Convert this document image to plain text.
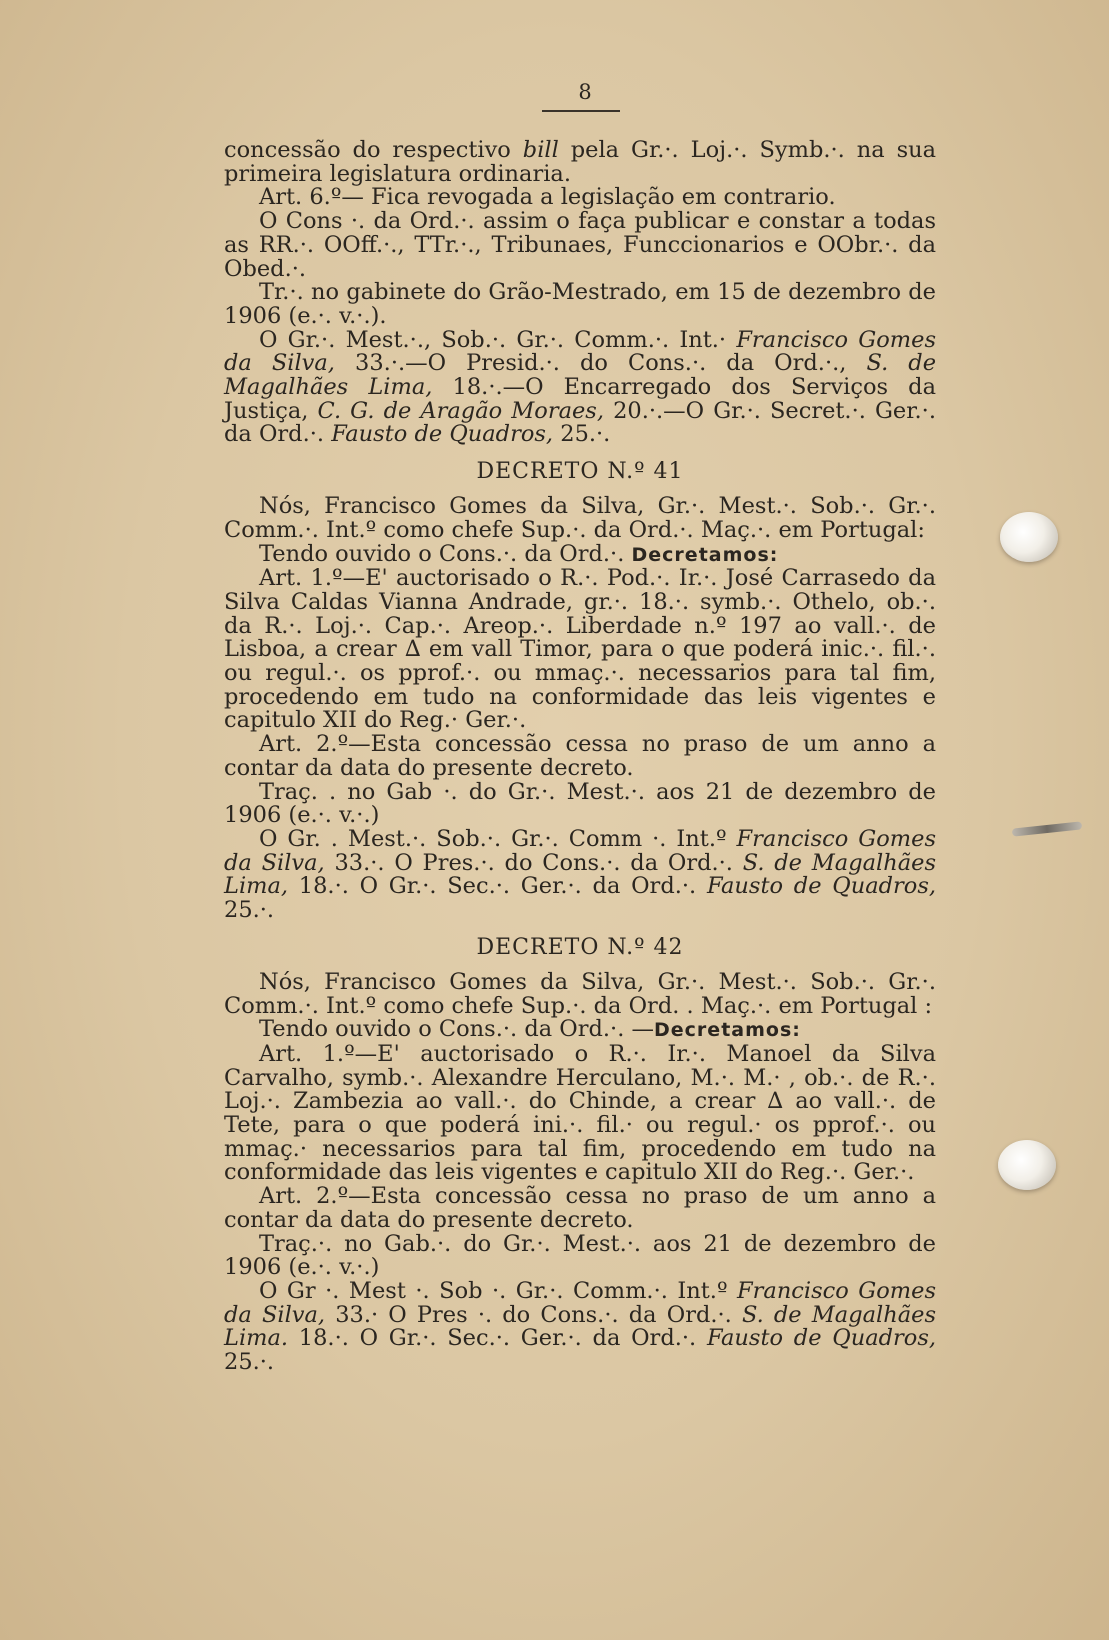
8

concessão do respectivo bill pela Gr.·. Loj.·. Symb.·. na sua primeira legislatura ordinaria.

Art. 6.º— Fica revogada a legislação em contrario.

O Cons ·. da Ord.·. assim o faça publicar e constar a todas as RR.·. OOff.·., TTr.·., Tribunaes, Funccionarios e OObr.·. da Obed.·.

Tr.·. no gabinete do Grão-Mestrado, em 15 de dezembro de 1906 (e.·. v.·.).

O Gr.·. Mest.·., Sob.·. Gr.·. Comm.·. Int.· Francisco Gomes da Silva, 33.·.—O Presid.·. do Cons.·. da Ord.·., S. de Magalhães Lima, 18.·.—O Encarregado dos Serviços da Justiça, C. G. de Aragão Moraes, 20.·.—O Gr.·. Secret.·. Ger.·. da Ord.·. Fausto de Quadros, 25.·.

DECRETO N.º 41

Nós, Francisco Gomes da Silva, Gr.·. Mest.·. Sob.·. Gr.·. Comm.·. Int.º como chefe Sup.·. da Ord.·. Maç.·. em Portugal:

Tendo ouvido o Cons.·. da Ord.·. Decretamos:

Art. 1.º—E' auctorisado o R.·. Pod.·. Ir.·. José Carrasedo da Silva Caldas Vianna Andrade, gr.·. 18.·. symb.·. Othelo, ob.·. da R.·. Loj.·. Cap.·. Areop.·. Liberdade n.º 197 ao vall.·. de Lisboa, a crear ∆ em vall Timor, para o que poderá inic.·. fil.·. ou regul.·. os pprof.·. ou mmaç.·. necessarios para tal fim, procedendo em tudo na conformidade das leis vigentes e capitulo XII do Reg.· Ger.·.

Art. 2.º—Esta concessão cessa no praso de um anno a contar da data do presente decreto.

Traç. . no Gab ·. do Gr.·. Mest.·. aos 21 de dezembro de 1906 (e.·. v.·.)

O Gr. . Mest.·. Sob.·. Gr.·. Comm ·. Int.º Francisco Gomes da Silva, 33.·. O Pres.·. do Cons.·. da Ord.·. S. de Magalhães Lima, 18.·. O Gr.·. Sec.·. Ger.·. da Ord.·. Fausto de Quadros, 25.·.

DECRETO N.º 42

Nós, Francisco Gomes da Silva, Gr.·. Mest.·. Sob.·. Gr.·. Comm.·. Int.º como chefe Sup.·. da Ord. . Maç.·. em Portugal :

Tendo ouvido o Cons.·. da Ord.·. —Decretamos:

Art. 1.º—E' auctorisado o R.·. Ir.·. Manoel da Silva Carvalho, symb.·. Alexandre Herculano, M.·. M.· , ob.·. de R.·. Loj.·. Zambezia ao vall.·. do Chinde, a crear ∆ ao vall.·. de Tete, para o que poderá ini.·. fil.· ou regul.· os pprof.·. ou mmaç.· necessarios para tal fim, procedendo em tudo na conformidade das leis vigentes e capitulo XII do Reg.·. Ger.·.

Art. 2.º—Esta concessão cessa no praso de um anno a contar da data do presente decreto.

Traç.·. no Gab.·. do Gr.·. Mest.·. aos 21 de dezembro de 1906 (e.·. v.·.)

O Gr ·. Mest ·. Sob ·. Gr.·. Comm.·. Int.º Francisco Gomes da Silva, 33.· O Pres ·. do Cons.·. da Ord.·. S. de Magalhães Lima. 18.·. O Gr.·. Sec.·. Ger.·. da Ord.·. Fausto de Quadros, 25.·.
